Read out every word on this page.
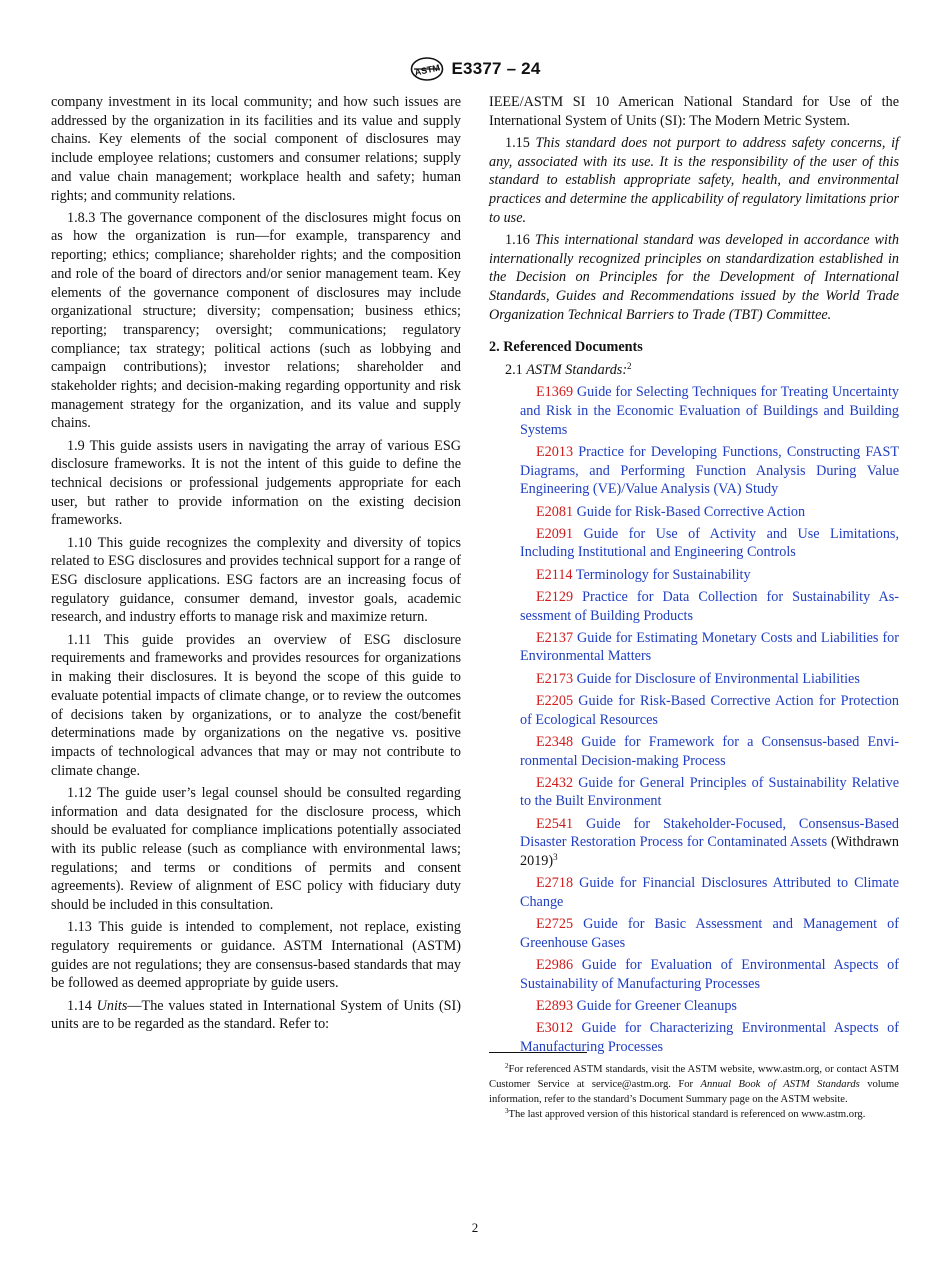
ASTM E3377 – 24

company investment in its local community; and how such issues are addressed by the organization in its facilities and its value and supply chains. Key elements of the social component of disclosures may include employee relations; customers and consumer relations; supply and value chain management; workplace health and safety; human rights; and community relations.

1.8.3 The governance component of the disclosures might focus on as how the organization is run—for example, transparency and reporting; ethics; compliance; shareholder rights; and the composition and role of the board of directors and/or senior management team. Key elements of the governance component of disclosures may include organizational structure; diversity; compensation; business ethics; reporting; transparency; oversight; communications; regulatory compliance; tax strategy; political actions (such as lobbying and campaign contributions); investor relations; shareholder and stakeholder rights; and decision-making regarding opportunity and risk management strategy for the organization, and its value and supply chains.

1.9 This guide assists users in navigating the array of various ESG disclosure frameworks. It is not the intent of this guide to define the technical decisions or professional judgements appropriate for each user, but rather to provide information on the existing decision frameworks.

1.10 This guide recognizes the complexity and diversity of topics related to ESG disclosures and provides technical support for a range of ESG disclosure applications. ESG factors are an increasing focus of regulatory guidance, consumer demand, investor goals, academic research, and industry efforts to manage risk and maximize return.

1.11 This guide provides an overview of ESG disclosure requirements and frameworks and provides resources for organizations in making their disclosures. It is beyond the scope of this guide to evaluate potential impacts of climate change, or to review the outcomes of decisions taken by organizations, or to analyze the cost/benefit determinations made by organizations on the negative vs. positive impacts of technological advances that may or may not contribute to climate change.

1.12 The guide user’s legal counsel should be consulted regarding information and data designated for the disclosure process, which should be evaluated for compliance implications potentially associated with its public release (such as compliance with environmental laws; regulations; and terms or conditions of permits and consent agreements). Review of alignment of ESC policy with fiduciary duty should be included in this consultation.

1.13 This guide is intended to complement, not replace, existing regulatory requirements or guidance. ASTM International (ASTM) guides are not regulations; they are consensus-based standards that may be followed as deemed appropriate by guide users.

1.14 Units—The values stated in International System of Units (SI) units are to be regarded as the standard. Refer to:

IEEE/ASTM SI 10 American National Standard for Use of the International System of Units (SI): The Modern Metric System.

1.15 This standard does not purport to address safety concerns, if any, associated with its use. It is the responsibility of the user of this standard to establish appropriate safety, health, and environmental practices and determine the applicability of regulatory limitations prior to use.

1.16 This international standard was developed in accordance with internationally recognized principles on standardization established in the Decision on Principles for the Development of International Standards, Guides and Recommendations issued by the World Trade Organization Technical Barriers to Trade (TBT) Committee.

2. Referenced Documents

2.1 ASTM Standards:$^2$

E1369 Guide for Selecting Techniques for Treating Uncertainty and Risk in the Economic Evaluation of Buildings and Building Systems

E2013 Practice for Developing Functions, Constructing FAST Diagrams, and Performing Function Analysis During Value Engineering (VE)/Value Analysis (VA) Study

E2081 Guide for Risk-Based Corrective Action

E2091 Guide for Use of Activity and Use Limitations, Including Institutional and Engineering Controls

E2114 Terminology for Sustainability

E2129 Practice for Data Collection for Sustainability Assessment of Building Products

E2137 Guide for Estimating Monetary Costs and Liabilities for Environmental Matters

E2173 Guide for Disclosure of Environmental Liabilities

E2205 Guide for Risk-Based Corrective Action for Protection of Ecological Resources

E2348 Guide for Framework for a Consensus-based Environmental Decision-making Process

E2432 Guide for General Principles of Sustainability Relative to the Built Environment

E2541 Guide for Stakeholder-Focused, Consensus-Based Disaster Restoration Process for Contaminated Assets (Withdrawn 2019)$^3$

E2718 Guide for Financial Disclosures Attributed to Climate Change

E2725 Guide for Basic Assessment and Management of Greenhouse Gases

E2986 Guide for Evaluation of Environmental Aspects of Sustainability of Manufacturing Processes

E2893 Guide for Greener Cleanups

E3012 Guide for Characterizing Environmental Aspects of Manufacturing Processes

$^2$For referenced ASTM standards, visit the ASTM website, www.astm.org, or contact ASTM Customer Service at service@astm.org. For Annual Book of ASTM Standards volume information, refer to the standard’s Document Summary page on the ASTM website.

$^3$The last approved version of this historical standard is referenced on www.astm.org.

2
